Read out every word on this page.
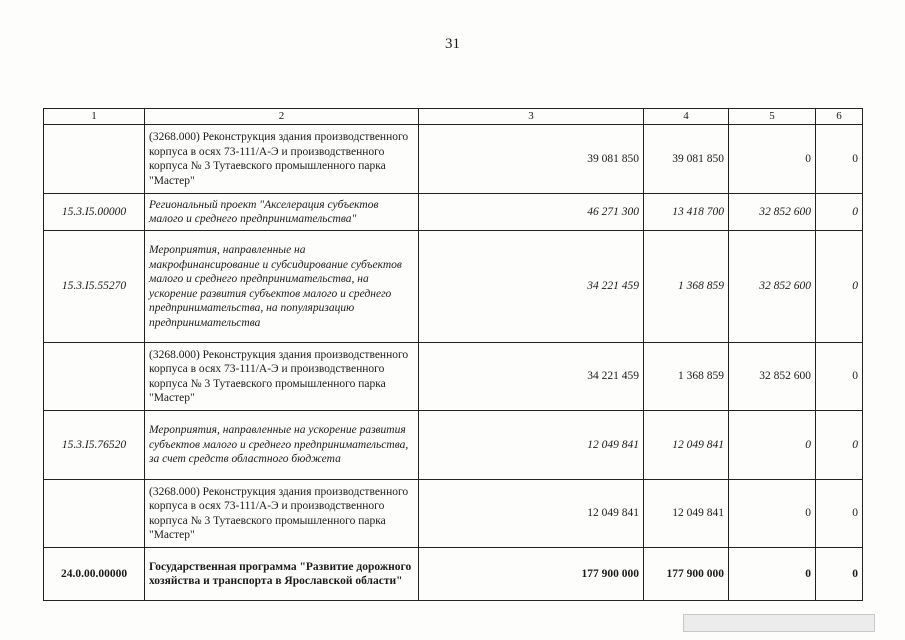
31
1	2	3	4	5	6
	(3268.000) Реконструкция здания производственного корпуса в осях 73-111/А-Э и производственного корпуса № 3 Тутаевского промышленного парка "Мастер"	39 081 850	39 081 850	0	0
15.3.I5.00000	Региональный проект "Акселерация субъектов малого и среднего предпринимательства"	46 271 300	13 418 700	32 852 600	0
15.3.I5.55270	Мероприятия, направленные на макрофинансирование и субсидирование субъектов малого и среднего предпринимательства, на ускорение развития субъектов малого и среднего предпринимательства, на популяризацию предпринимательства	34 221 459	1 368 859	32 852 600	0
	(3268.000) Реконструкция здания производственного корпуса в осях 73-111/А-Э и производственного корпуса № 3 Тутаевского промышленного парка "Мастер"	34 221 459	1 368 859	32 852 600	0
15.3.I5.76520	Мероприятия, направленные на ускорение развития субъектов малого и среднего предпринимательства, за счет средств областного бюджета	12 049 841	12 049 841	0	0
	(3268.000) Реконструкция здания производственного корпуса в осях 73-111/А-Э и производственного корпуса № 3 Тутаевского промышленного парка "Мастер"	12 049 841	12 049 841	0	0
24.0.00.00000	Государственная программа "Развитие дорожного хозяйства и транспорта в Ярославской области"	177 900 000	177 900 000	0	0
